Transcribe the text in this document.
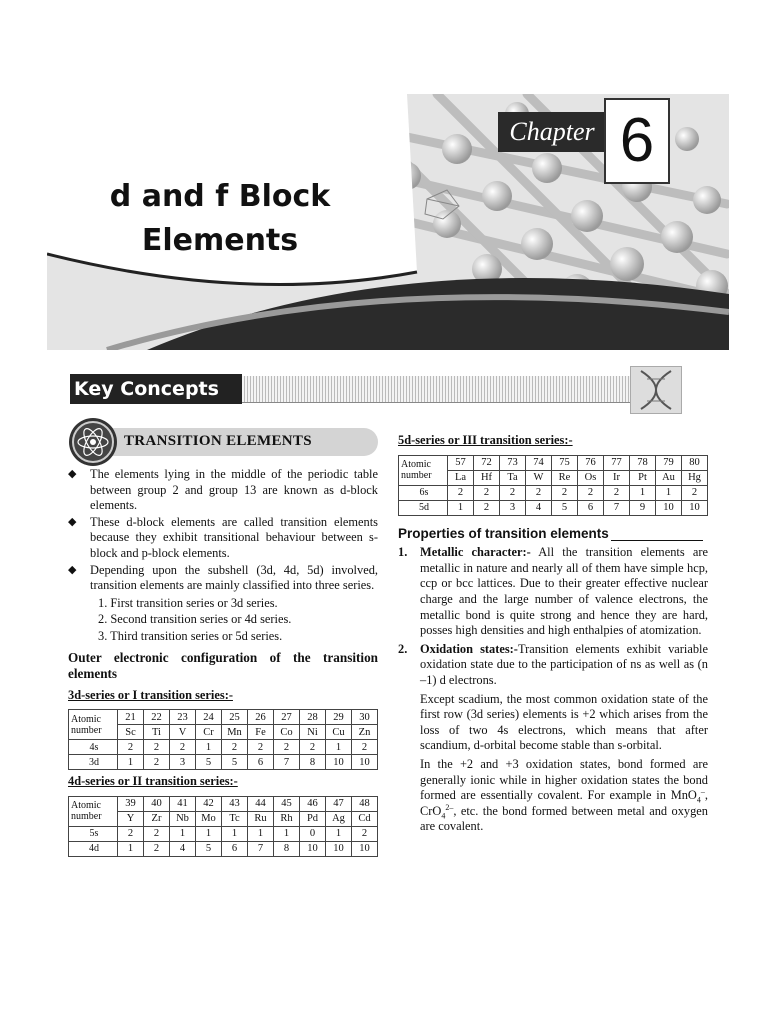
Chapter 6
d and f Block
Elements
Key Concepts
TRANSITION ELEMENTS
◆ The elements lying in the middle of the periodic table between group 2 and group 13 are known as d-block elements.
◆ These d-block elements are called transition elements because they exhibit transitional behaviour between s-block and p-block elements.
◆ Depending upon the subshell (3d, 4d, 5d) involved, transition elements are mainly classified into three series.
1. First transition series or 3d series.
2. Second transition series or 4d series.
3. Third transition series or 5d series.
Outer electronic configuration of the transition elements
3d-series or I transition series:-
Atomic number	21	22	23	24	25	26	27	28	29	30
	Sc	Ti	V	Cr	Mn	Fe	Co	Ni	Cu	Zn
4s	2	2	2	1	2	2	2	2	1	2
3d	1	2	3	5	5	6	7	8	10	10
4d-series or II transition series:-
Atomic number	39	40	41	42	43	44	45	46	47	48
	Y	Zr	Nb	Mo	Tc	Ru	Rh	Pd	Ag	Cd
5s	2	2	1	1	1	1	1	0	1	2
4d	1	2	4	5	6	7	8	10	10	10
5d-series or III transition series:-
Atomic number	57	72	73	74	75	76	77	78	79	80
	La	Hf	Ta	W	Re	Os	Ir	Pt	Au	Hg
6s	2	2	2	2	2	2	2	1	1	2
5d	1	2	3	4	5	6	7	9	10	10
Properties of transition elements
1. Metallic character:- All the transition elements are metallic in nature and nearly all of them have simple hcp, ccp or bcc lattices. Due to their greater effective nuclear charge and the large number of valence electrons, the metallic bond is quite strong and hence they are hard, posses high densities and high enthalpies of atomization.
2. Oxidation states:-Transition elements exhibit variable oxidation state due to the participation of ns as well as (n –1) d electrons.

Except scadium, the most common oxidation state of the first row (3d series) elements is +2 which arises from the loss of two 4s electrons, which means that after scandium, d-orbital become stable than s-orbital.

In the +2 and +3 oxidation states, bond formed are generally ionic while in higher oxidation states the bond formed are essentially covalent. For example in MnO$_4$–, CrO$_4^{2-}$, etc. the bond formed between metal and oxygen are covalent.
